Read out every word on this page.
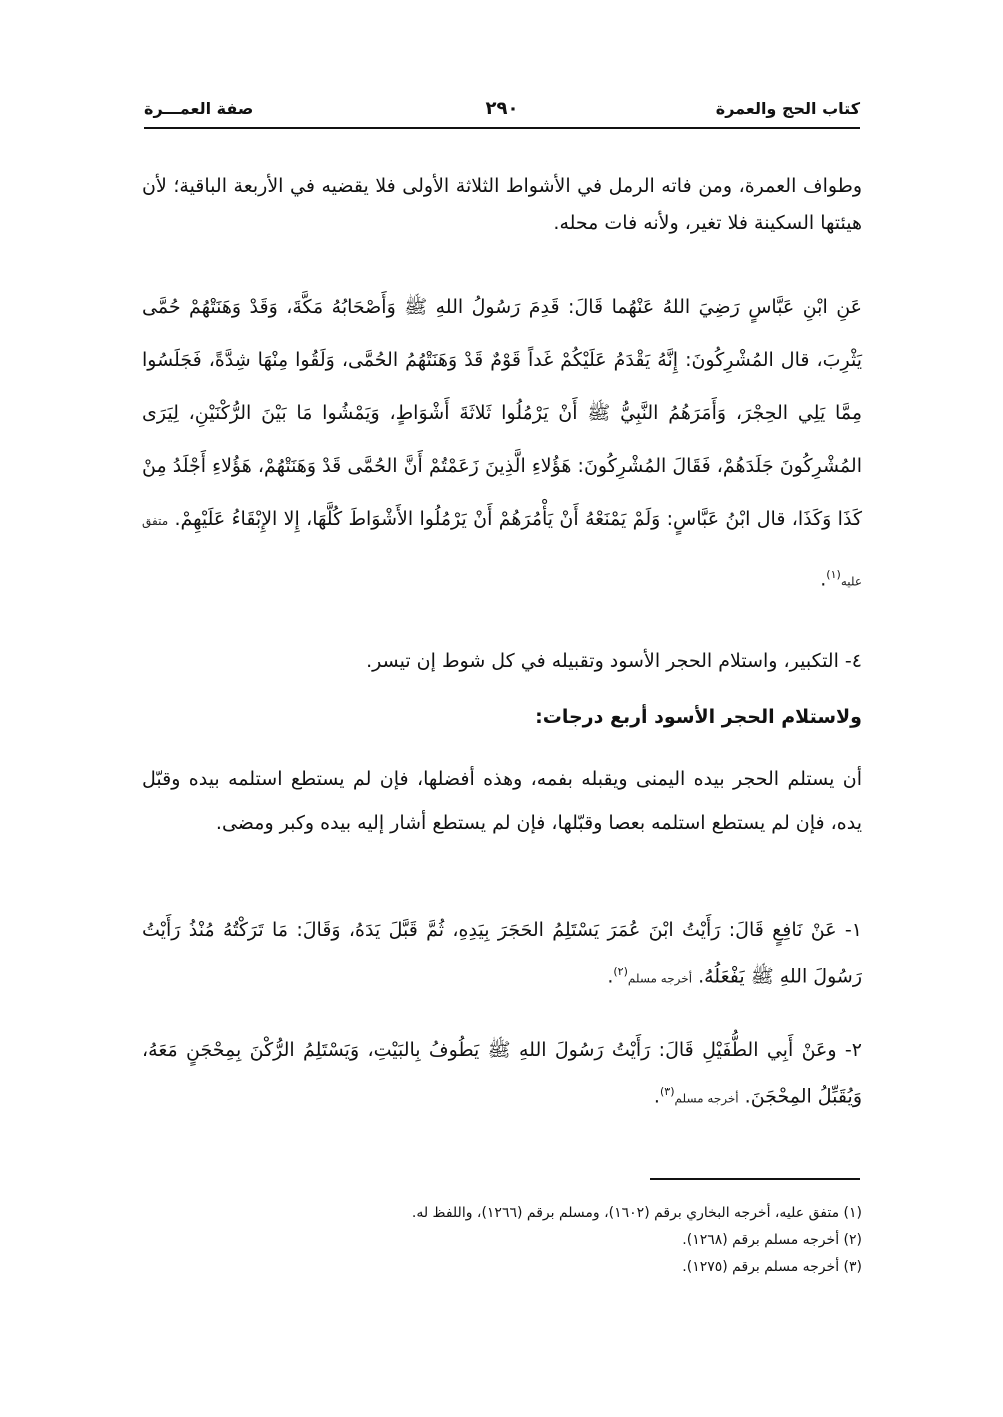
كتاب الحج والعمرة
٢٩٠
صفة العمـــرة

وطواف العمرة، ومن فاته الرمل في الأشواط الثلاثة الأولى فلا يقضيه في الأربعة الباقية؛ لأن هيئتها السكينة فلا تغير، ولأنه فات محله.

عَنِ ابْنِ عَبَّاسٍ رَضِيَ اللهُ عَنْهُما قَالَ: قَدِمَ رَسُولُ اللهِ ﷺ وَأَصْحَابُهُ مَكَّةَ، وَقَدْ وَهَنَتْهُمْ حُمَّى يَثْرِبَ، قال المُشْرِكُونَ: إِنَّهُ يَقْدَمُ عَلَيْكُمْ غَداً قَوْمٌ قَدْ وَهَنَتْهُمُ الحُمَّى، وَلَقُوا مِنْهَا شِدَّةً، فَجَلَسُوا مِمَّا يَلِي الحِجْرَ، وَأَمَرَهُمُ النَّبِيُّ ﷺ أَنْ يَرْمُلُوا ثَلاثَةَ أَشْوَاطٍ، وَيَمْشُوا مَا بَيْنَ الرُّكْنَيْنِ، لِيَرَى المُشْرِكُونَ جَلَدَهُمْ، فَقَالَ المُشْرِكُونَ: هَؤُلاءِ الَّذِينَ زَعَمْتُمْ أَنَّ الحُمَّى قَدْ وَهَنَتْهُمْ، هَؤُلاءِ أَجْلَدُ مِنْ كَذَا وَكَذَا، قال ابْنُ عَبَّاسٍ: وَلَمْ يَمْنَعْهُ أَنْ يَأْمُرَهُمْ أَنْ يَرْمُلُوا الأَشْوَاطَ كُلَّهَا، إِلا الإِبْقَاءُ عَلَيْهِمْ. متفق عليه$^{(١)}$.

٤- التكبير، واستلام الحجر الأسود وتقبيله في كل شوط إن تيسر.

ولاستلام الحجر الأسود أربع درجات:

أن يستلم الحجر بيده اليمنى ويقبله بفمه، وهذه أفضلها، فإن لم يستطع استلمه بيده وقبّل يده، فإن لم يستطع استلمه بعصا وقبّلها، فإن لم يستطع أشار إليه بيده وكبر ومضى.

١- عَنْ نَافِعٍ قَالَ: رَأَيْتُ ابْنَ عُمَرَ يَسْتَلِمُ الحَجَرَ بِيَدِهِ، ثُمَّ قَبَّلَ يَدَهُ، وَقَالَ: مَا تَرَكْتُهُ مُنْذُ رَأَيْتُ رَسُولَ اللهِ ﷺ يَفْعَلُهُ. أخرجه مسلم$^{(٢)}$.

٢- وعَنْ أَبِي الطُّفَيْلِ قَالَ: رَأَيْتُ رَسُولَ اللهِ ﷺ يَطُوفُ بِالبَيْتِ، وَيَسْتَلِمُ الرُّكْنَ بِمِحْجَنٍ مَعَهُ، وَيُقَبِّلُ المِحْجَنَ. أخرجه مسلم$^{(٣)}$.

(١) متفق عليه، أخرجه البخاري برقم (١٦٠٢)، ومسلم برقم (١٢٦٦)، واللفظ له.

(٢) أخرجه مسلم برقم (١٢٦٨).

(٣) أخرجه مسلم برقم (١٢٧٥).
